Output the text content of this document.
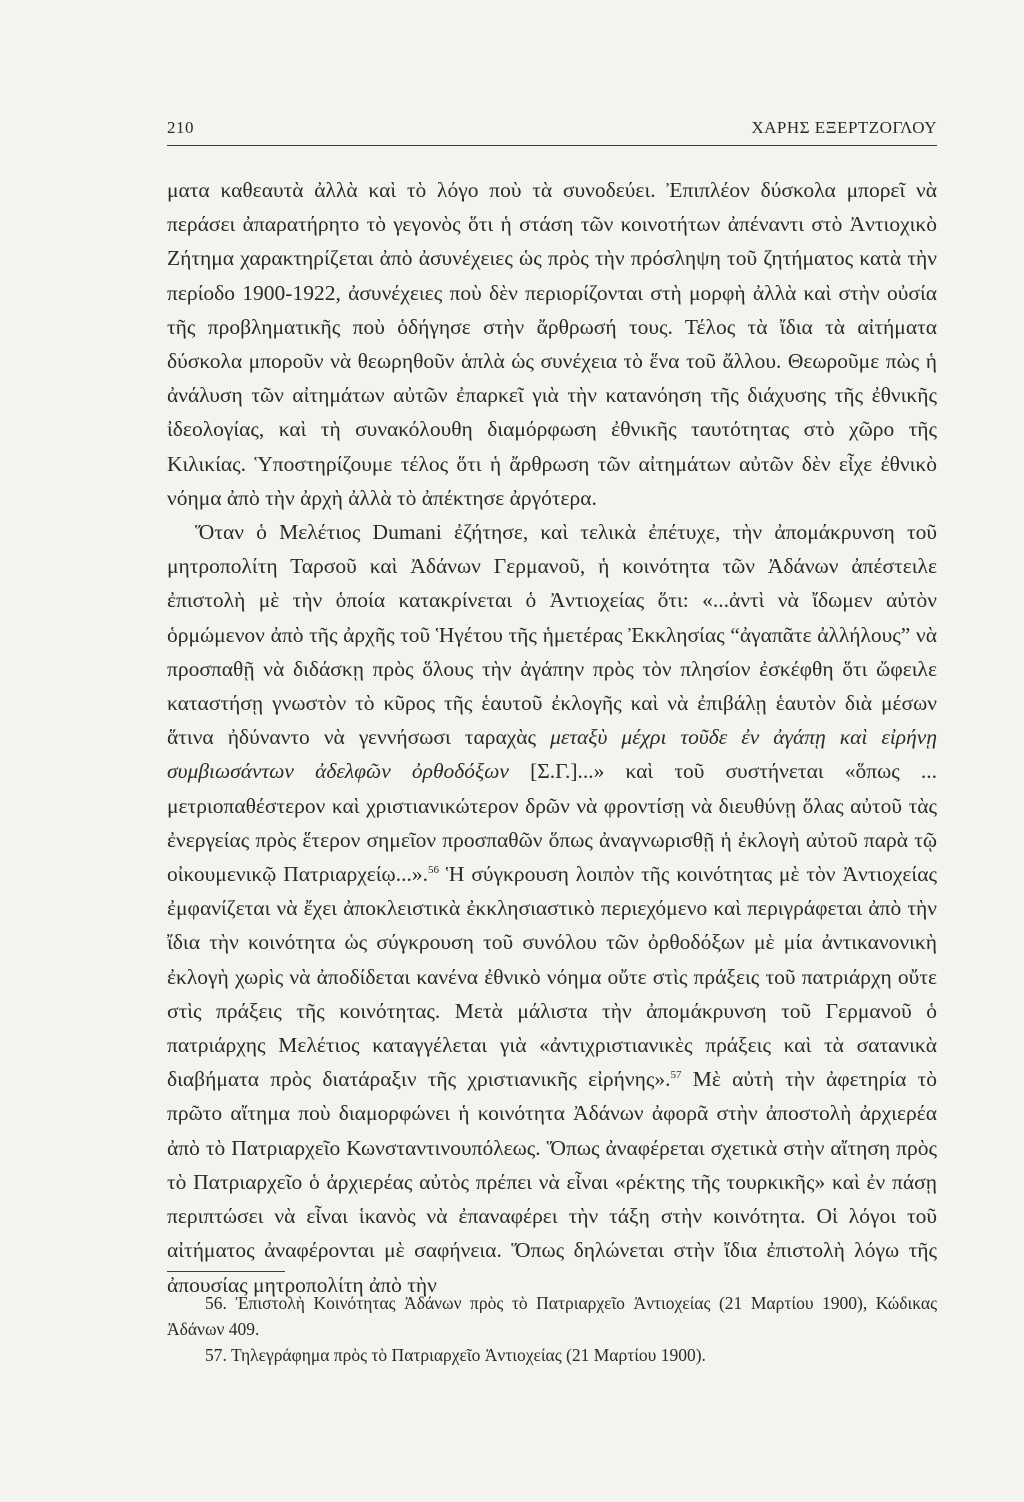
210	ΧΑΡΗΣ ΕΞΕΡΤΖΟΓΛΟΥ

ματα καθεαυτὰ ἀλλὰ καὶ τὸ λόγο ποὺ τὰ συνοδεύει. Ἐπιπλέον δύσκολα μπορεῖ νὰ περάσει ἀπαρατήρητο τὸ γεγονὸς ὅτι ἡ στάση τῶν κοινοτήτων ἀπέναντι στὸ Ἀντιοχικὸ Ζήτημα χαρακτηρίζεται ἀπὸ ἀσυνέχειες ὡς πρὸς τὴν πρόσληψη τοῦ ζητήματος κατὰ τὴν περίοδο 1900-1922, ἀσυνέχειες ποὺ δὲν περιορίζονται στὴ μορφὴ ἀλλὰ καὶ στὴν οὐσία τῆς προβληματικῆς ποὺ ὁδήγησε στὴν ἄρθρωσή τους. Τέλος τὰ ἴδια τὰ αἰτήματα δύσκολα μποροῦν νὰ θεωρηθοῦν ἁπλὰ ὡς συνέχεια τὸ ἕνα τοῦ ἄλλου. Θεωροῦμε πὼς ἡ ἀνάλυση τῶν αἰτημάτων αὐτῶν ἐπαρκεῖ γιὰ τὴν κατανόηση τῆς διάχυσης τῆς ἐθνικῆς ἰδεολογίας, καὶ τὴ συνακόλουθη διαμόρφωση ἐθνικῆς ταυτότητας στὸ χῶρο τῆς Κιλικίας. Ὑποστηρίζουμε τέλος ὅτι ἡ ἄρθρωση τῶν αἰτημάτων αὐτῶν δὲν εἶχε ἐθνικὸ νόημα ἀπὸ τὴν ἀρχὴ ἀλλὰ τὸ ἀπέκτησε ἀργότερα.

Ὅταν ὁ Μελέτιος Dumani ἐζήτησε, καὶ τελικὰ ἐπέτυχε, τὴν ἀπομάκρυνση τοῦ μητροπολίτη Ταρσοῦ καὶ Ἀδάνων Γερμανοῦ, ἡ κοινότητα τῶν Ἀδάνων ἀπέστειλε ἐπιστολὴ μὲ τὴν ὁποία κατακρίνεται ὁ Ἀντιοχείας ὅτι: «...ἀντὶ νὰ ἴδωμεν αὐτὸν ὁρμώμενον ἀπὸ τῆς ἀρχῆς τοῦ Ἡγέτου τῆς ἡμετέρας Ἐκκλησίας “ἀγαπᾶτε ἀλλήλους” νὰ προσπαθῇ νὰ διδάσκῃ πρὸς ὅλους τὴν ἀγάπην πρὸς τὸν πλησίον ἐσκέφθη ὅτι ὤφειλε καταστήσῃ γνωστὸν τὸ κῦρος τῆς ἑαυτοῦ ἐκλογῆς καὶ νὰ ἐπιβάλῃ ἑαυτὸν διὰ μέσων ἅτινα ἠδύναντο νὰ γεννήσωσι ταραχὰς μεταξὺ μέχρι τοῦδε ἐν ἀγάπῃ καὶ εἰρήνῃ συμβιωσάντων ἀδελφῶν ὀρθοδόξων [Σ.Γ.]...» καὶ τοῦ συστήνεται «ὅπως ... μετριοπαθέστερον καὶ χριστιανικώτερον δρῶν νὰ φροντίσῃ νὰ διευθύνῃ ὅλας αὐτοῦ τὰς ἐνεργείας πρὸς ἕτερον σημεῖον προσπαθῶν ὅπως ἀναγνωρισθῇ ἡ ἐκλογὴ αὐτοῦ παρὰ τῷ οἰκουμενικῷ Πατριαρχείῳ...».$^{56}$ Ἡ σύγκρουση λοιπὸν τῆς κοινότητας μὲ τὸν Ἀντιοχείας ἐμφανίζεται νὰ ἔχει ἀποκλειστικὰ ἐκκλησιαστικὸ περιεχόμενο καὶ περιγράφεται ἀπὸ τὴν ἴδια τὴν κοινότητα ὡς σύγκρουση τοῦ συνόλου τῶν ὀρθοδόξων μὲ μία ἀντικανονικὴ ἐκλογὴ χωρὶς νὰ ἀποδίδεται κανένα ἐθνικὸ νόημα οὔτε στὶς πράξεις τοῦ πατριάρχη οὔτε στὶς πράξεις τῆς κοινότητας. Μετὰ μάλιστα τὴν ἀπομάκρυνση τοῦ Γερμανοῦ ὁ πατριάρχης Μελέτιος καταγγέλεται γιὰ «ἀντιχριστιανικὲς πράξεις καὶ τὰ σατανικὰ διαβήματα πρὸς διατάραξιν τῆς χριστιανικῆς εἰρήνης».$^{57}$ Μὲ αὐτὴ τὴν ἀφετηρία τὸ πρῶτο αἴτημα ποὺ διαμορφώνει ἡ κοινότητα Ἀδάνων ἀφορᾶ στὴν ἀποστολὴ ἀρχιερέα ἀπὸ τὸ Πατριαρχεῖο Κωνσταντινουπόλεως. Ὅπως ἀναφέρεται σχετικὰ στὴν αἴτηση πρὸς τὸ Πατριαρχεῖο ὁ ἀρχιερέας αὐτὸς πρέπει νὰ εἶναι «ρέκτης τῆς τουρκικῆς» καὶ ἐν πάσῃ περιπτώσει νὰ εἶναι ἱκανὸς νὰ ἐπαναφέρει τὴν τάξη στὴν κοινότητα. Οἱ λόγοι τοῦ αἰτήματος ἀναφέρονται μὲ σαφήνεια. Ὅπως δηλώνεται στὴν ἴδια ἐπιστολὴ λόγω τῆς ἀπουσίας μητροπολίτη ἀπὸ τὴν

56. Ἐπιστολὴ Κοινότητας Ἀδάνων πρὸς τὸ Πατριαρχεῖο Ἀντιοχείας (21 Μαρτίου 1900), Κώδικας Ἀδάνων 409.

57. Τηλεγράφημα πρὸς τὸ Πατριαρχεῖο Ἀντιοχείας (21 Μαρτίου 1900).
